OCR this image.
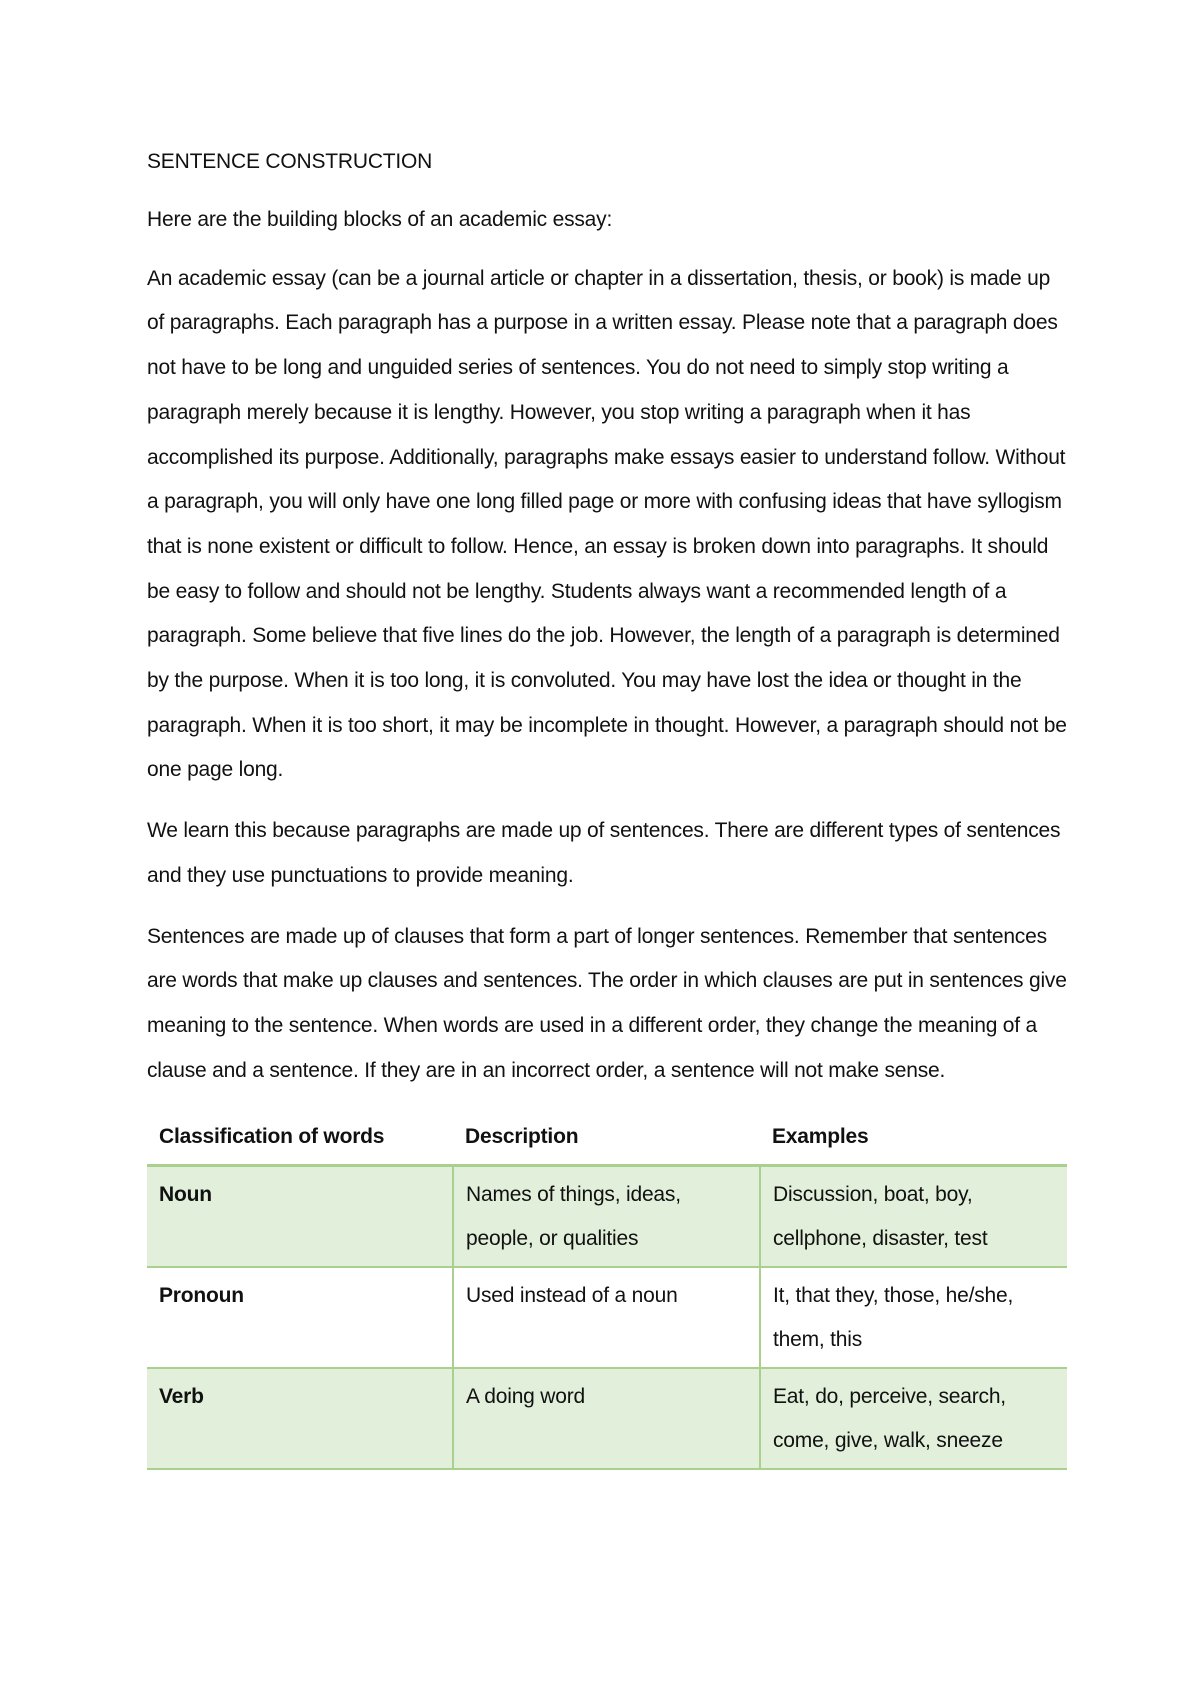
SENTENCE CONSTRUCTION

Here are the building blocks of an academic essay:

An academic essay (can be a journal article or chapter in a dissertation, thesis, or book) is made up of paragraphs. Each paragraph has a purpose in a written essay. Please note that a paragraph does not have to be long and unguided series of sentences. You do not need to simply stop writing a paragraph merely because it is lengthy. However, you stop writing a paragraph when it has accomplished its purpose. Additionally, paragraphs make essays easier to understand follow. Without a paragraph, you will only have one long filled page or more with confusing ideas that have syllogism that is none existent or difficult to follow. Hence, an essay is broken down into paragraphs. It should be easy to follow and should not be lengthy. Students always want a recommended length of a paragraph. Some believe that five lines do the job. However, the length of a paragraph is determined by the purpose. When it is too long, it is convoluted. You may have lost the idea or thought in the paragraph. When it is too short, it may be incomplete in thought. However, a paragraph should not be one page long.

We learn this because paragraphs are made up of sentences. There are different types of sentences and they use punctuations to provide meaning.

Sentences are made up of clauses that form a part of longer sentences. Remember that sentences are words that make up clauses and sentences. The order in which clauses are put in sentences give meaning to the sentence. When words are used in a different order, they change the meaning of a clause and a sentence. If they are in an incorrect order, a sentence will not make sense.

Classification of words	Description	Examples
Noun	Names of things, ideas, people, or qualities	Discussion, boat, boy, cellphone, disaster, test
Pronoun	Used instead of a noun	It, that they, those, he/she, them, this
Verb	A doing word	Eat, do, perceive, search, come, give, walk, sneeze
